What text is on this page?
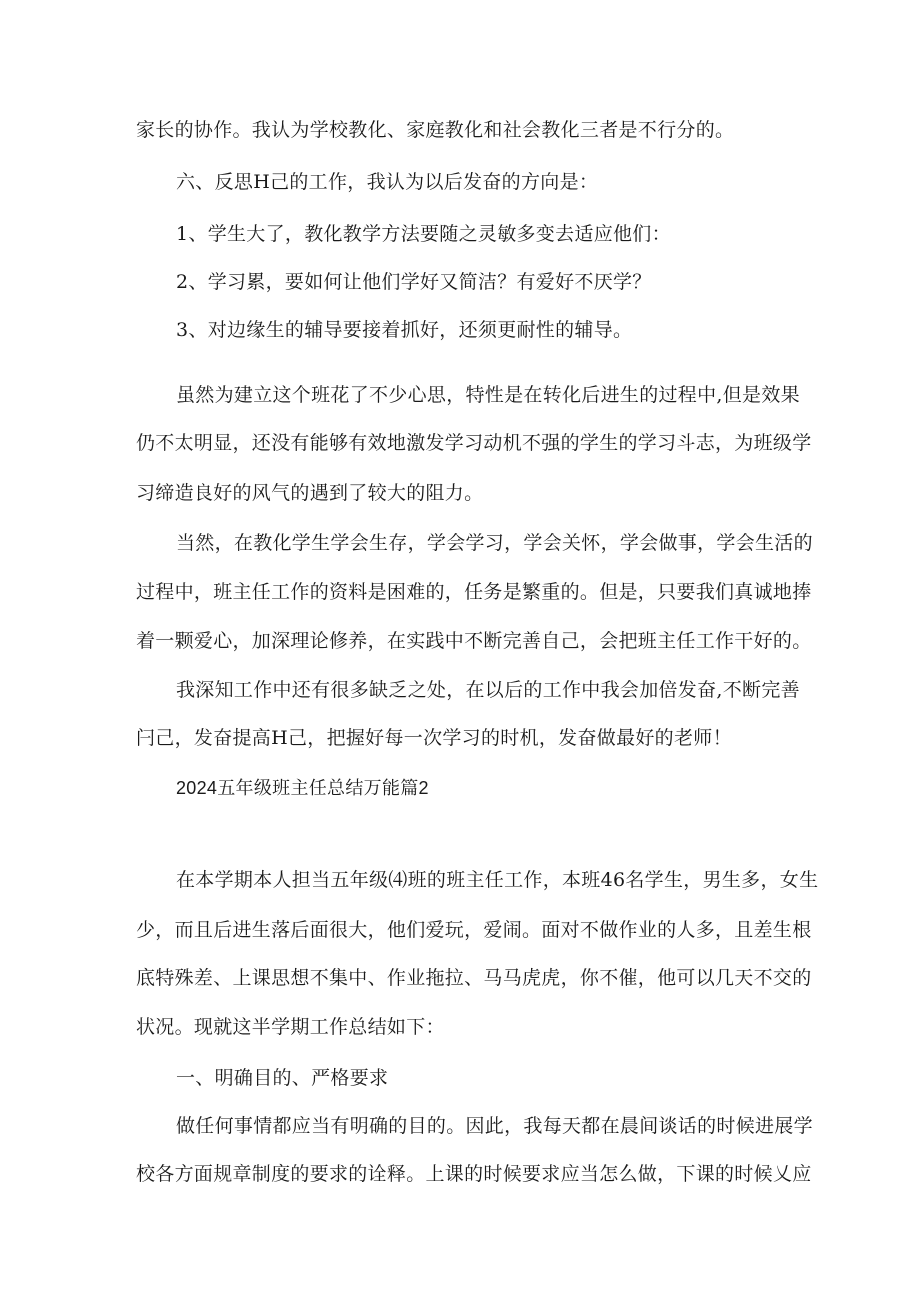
家长的协作。我认为学校教化、家庭教化和社会教化三者是不行分的。
六、反思H己的工作，我认为以后发奋的方向是：
1、学生大了，教化教学方法要随之灵敏多变去适应他们：
2、学习累，要如何让他们学好又简洁？有爱好不厌学？
3、对边缘生的辅导要接着抓好，还须更耐性的辅导。
虽然为建立这个班花了不少心思，特性是在转化后进生的过程中,但是效果
仍不太明显，还没有能够有效地激发学习动机不强的学生的学习斗志，为班级学
习缔造良好的风气的遇到了较大的阻力。
当然，在教化学生学会生存，学会学习，学会关怀，学会做事，学会生活的
过程中，班主任工作的资料是困难的，任务是繁重的。但是，只要我们真诚地捧
着一颗爱心，加深理论修养，在实践中不断完善自己，会把班主任工作干好的。
我深知工作中还有很多缺乏之处，在以后的工作中我会加倍发奋,不断完善
闩己，发奋提高H己，把握好每一次学习的时机，发奋做最好的老师！
2024五年级班主任总结万能篇2
在本学期本人担当五年级⑷班的班主任工作，本班46名学生，男生多，女生
少，而且后进生落后面很大，他们爱玩，爱闹。面对不做作业的人多，且差生根
底特殊差、上课思想不集中、作业拖拉、马马虎虎，你不催，他可以几天不交的
状况。现就这半学期工作总结如下：
一、明确目的、严格要求
做任何事情都应当有明确的目的。因此，我每天都在晨间谈话的时候进展学
校各方面规章制度的要求的诠释。上课的时候要求应当怎么做，下课的时候乂应
